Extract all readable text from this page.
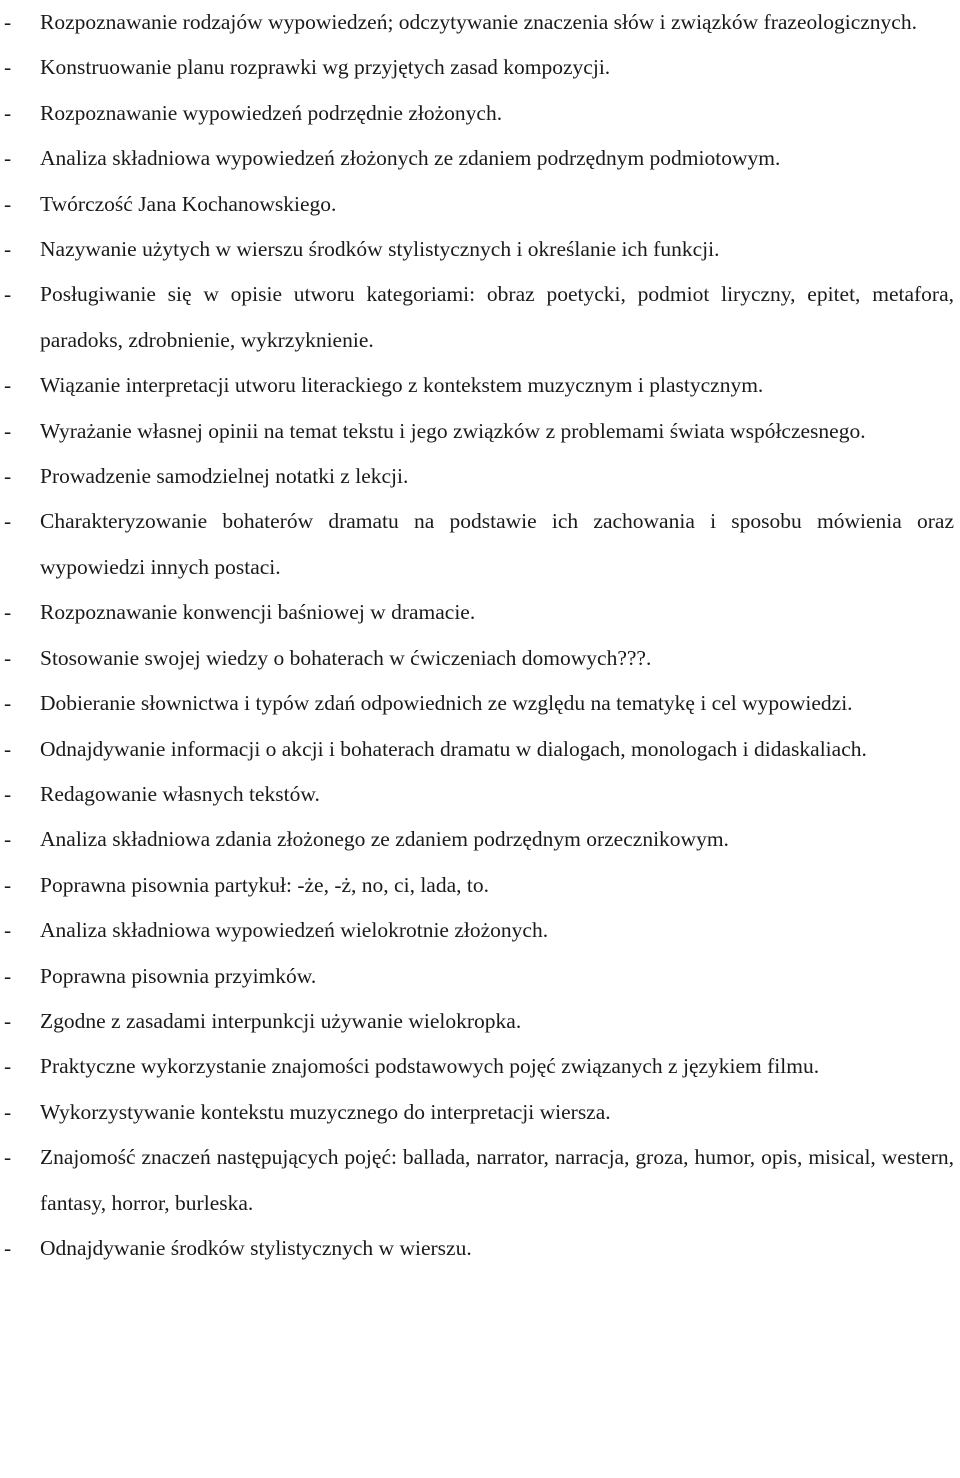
- Rozpoznawanie rodzajów wypowiedzeń; odczytywanie znaczenia słów i związków frazeologicznych.
- Konstruowanie planu rozprawki wg przyjętych zasad kompozycji.
- Rozpoznawanie wypowiedzeń podrzędnie złożonych.
- Analiza składniowa wypowiedzeń złożonych ze zdaniem podrzędnym podmiotowym.
- Twórczość Jana Kochanowskiego.
- Nazywanie użytych w wierszu środków stylistycznych i określanie ich funkcji.
- Posługiwanie się w opisie utworu kategoriami: obraz poetycki, podmiot liryczny, epitet, metafora, paradoks, zdrobnienie, wykrzyknienie.
- Wiązanie interpretacji utworu literackiego z kontekstem muzycznym i plastycznym.
- Wyrażanie własnej opinii na temat tekstu i jego związków z problemami świata współczesnego.
- Prowadzenie samodzielnej notatki z lekcji.
- Charakteryzowanie bohaterów dramatu na podstawie ich zachowania i sposobu mówienia oraz wypowiedzi innych postaci.
- Rozpoznawanie konwencji baśniowej w dramacie.
- Stosowanie swojej wiedzy o bohaterach w ćwiczeniach domowych???.
- Dobieranie słownictwa i typów zdań odpowiednich ze względu na tematykę i cel wypowiedzi.
- Odnajdywanie informacji o akcji i bohaterach dramatu w dialogach, monologach i didaskaliach.
- Redagowanie własnych tekstów.
- Analiza składniowa zdania złożonego ze zdaniem podrzędnym orzecznikowym.
- Poprawna pisownia partykuł: -że, -ż, no, ci, lada, to.
- Analiza składniowa wypowiedzeń wielokrotnie złożonych.
- Poprawna pisownia przyimków.
- Zgodne z zasadami interpunkcji używanie wielokropka.
- Praktyczne wykorzystanie znajomości podstawowych pojęć związanych z językiem filmu.
- Wykorzystywanie kontekstu muzycznego do interpretacji wiersza.
- Znajomość znaczeń następujących pojęć: ballada, narrator, narracja, groza, humor, opis, misical, western, fantasy, horror, burleska.
- Odnajdywanie środków stylistycznych w wierszu.
